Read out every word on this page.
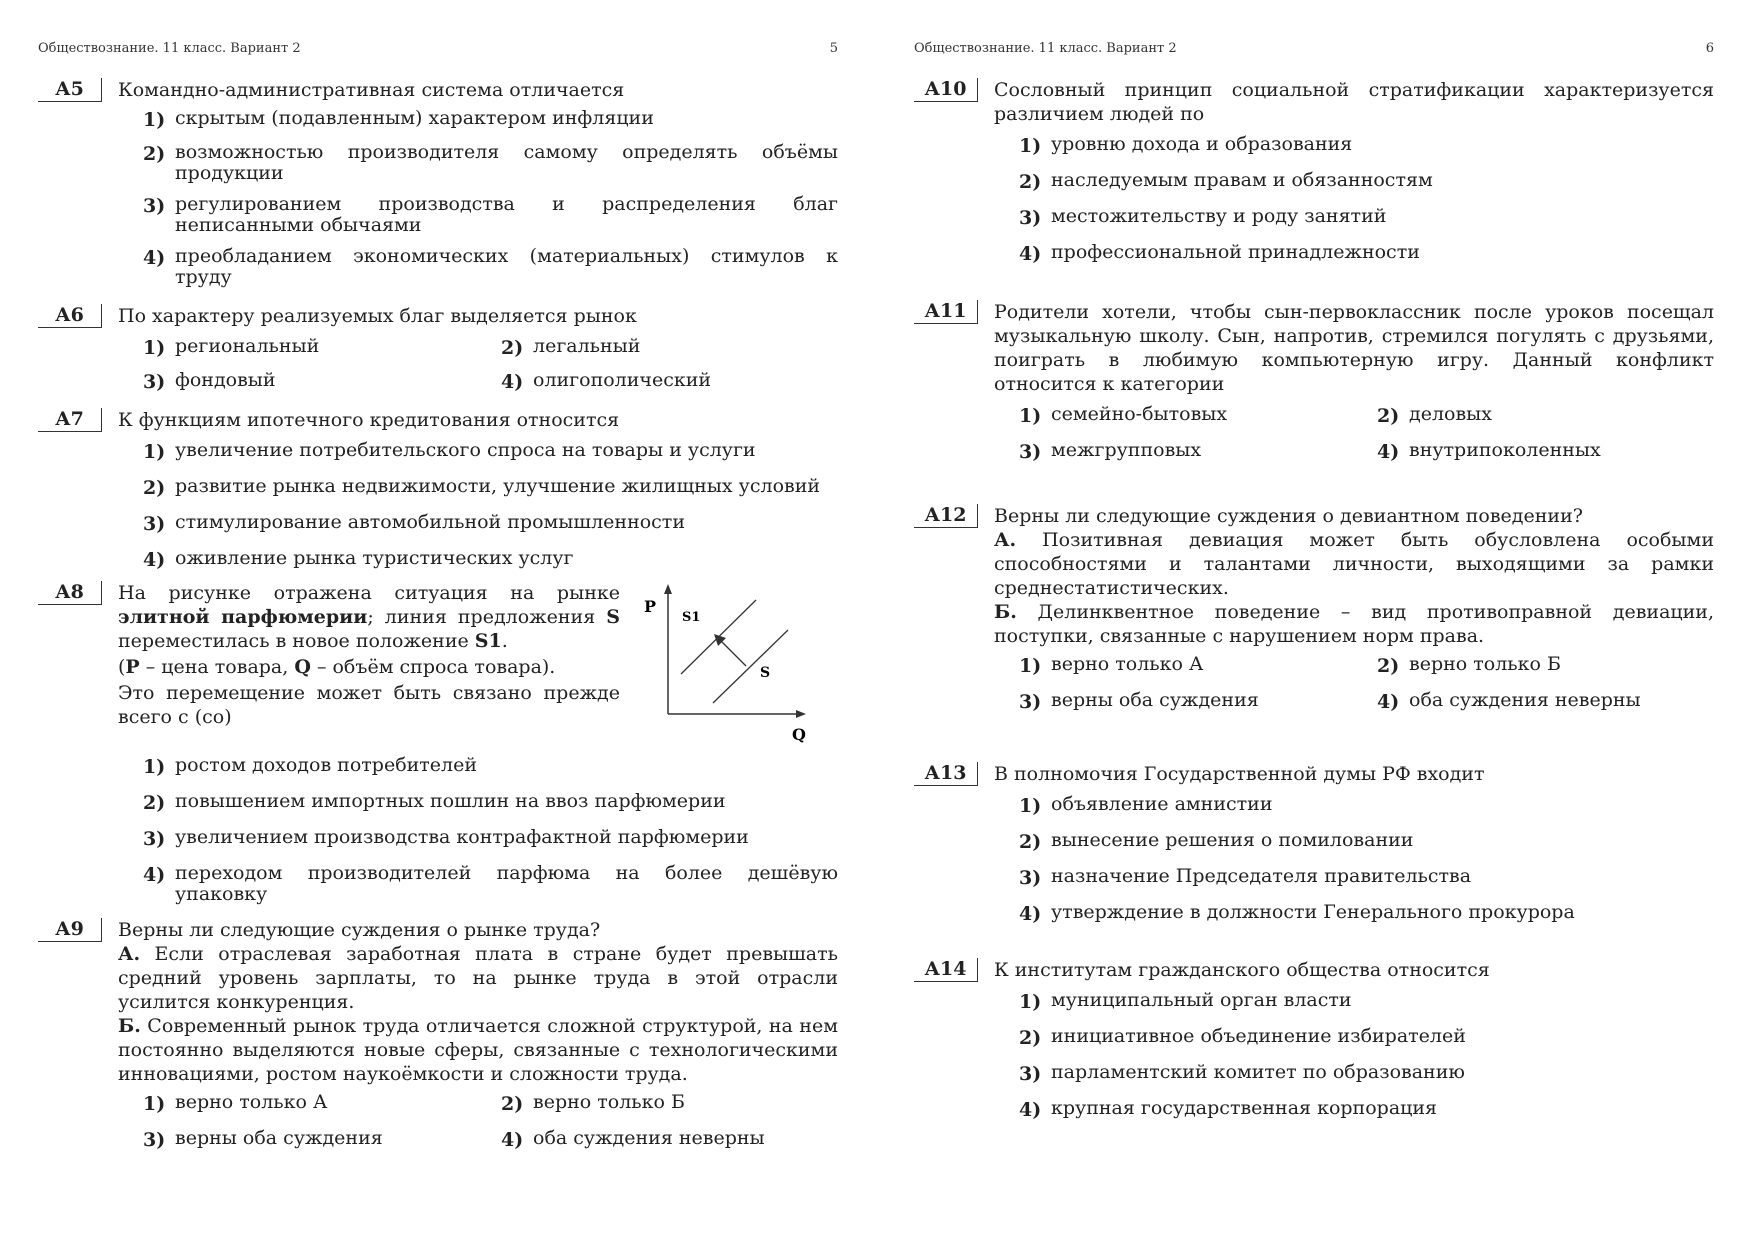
Обществознание. 11 класс. Вариант 2	5
А5	Командно-административная система отличается
1) скрытым (подавленным) характером инфляции
2) возможностью производителя самому определять объёмы продукции
3) регулированием производства и распределения благ неписанными обычаями
4) преобладанием экономических (материальных) стимулов к труду
А6	По характеру реализуемых благ выделяется рынок
1) региональный	2) легальный
3) фондовый	4) олигополический
А7	К функциям ипотечного кредитования относится
1) увеличение потребительского спроса на товары и услуги
2) развитие рынка недвижимости, улучшение жилищных условий
3) стимулирование автомобильной промышленности
4) оживление рынка туристических услуг
А8	На рисунке отражена ситуация на рынке элитной парфюмерии; линия предложения S переместилась в новое положение S1.
(P – цена товара, Q – объём спроса товара).
Это перемещение может быть связано прежде всего с (со)
1) ростом доходов потребителей
2) повышением импортных пошлин на ввоз парфюмерии
3) увеличением производства контрафактной парфюмерии
4) переходом производителей парфюма на более дешёвую упаковку
P
Q
S1
S
А9	Верны ли следующие суждения о рынке труда?
А. Если отраслевая заработная плата в стране будет превышать средний уровень зарплаты, то на рынке труда в этой отрасли усилится конкуренция.
Б. Современный рынок труда отличается сложной структурой, на нем постоянно выделяются новые сферы, связанные с технологическими инновациями, ростом наукоёмкости и сложности труда.
1) верно только А	2) верно только Б
3) верны оба суждения	4) оба суждения неверны
Обществознание. 11 класс. Вариант 2	6
А10	Сословный принцип социальной стратификации характеризуется различием людей по
1) уровню дохода и образования
2) наследуемым правам и обязанностям
3) местожительству и роду занятий
4) профессиональной принадлежности
А11	Родители хотели, чтобы сын-первоклассник после уроков посещал музыкальную школу. Сын, напротив, стремился погулять с друзьями, поиграть в любимую компьютерную игру. Данный конфликт относится к категории
1) семейно-бытовых	2) деловых
3) межгрупповых	4) внутрипоколенных
А12	Верны ли следующие суждения о девиантном поведении?
А. Позитивная девиация может быть обусловлена особыми способностями и талантами личности, выходящими за рамки среднестатистических.
Б. Делинквентное поведение – вид противоправной девиации, поступки, связанные с нарушением норм права.
1) верно только А	2) верно только Б
3) верны оба суждения	4) оба суждения неверны
А13	В полномочия Государственной думы РФ входит
1) объявление амнистии
2) вынесение решения о помиловании
3) назначение Председателя правительства
4) утверждение в должности Генерального прокурора
А14	К институтам гражданского общества относится
1) муниципальный орган власти
2) инициативное объединение избирателей
3) парламентский комитет по образованию
4) крупная государственная корпорация
